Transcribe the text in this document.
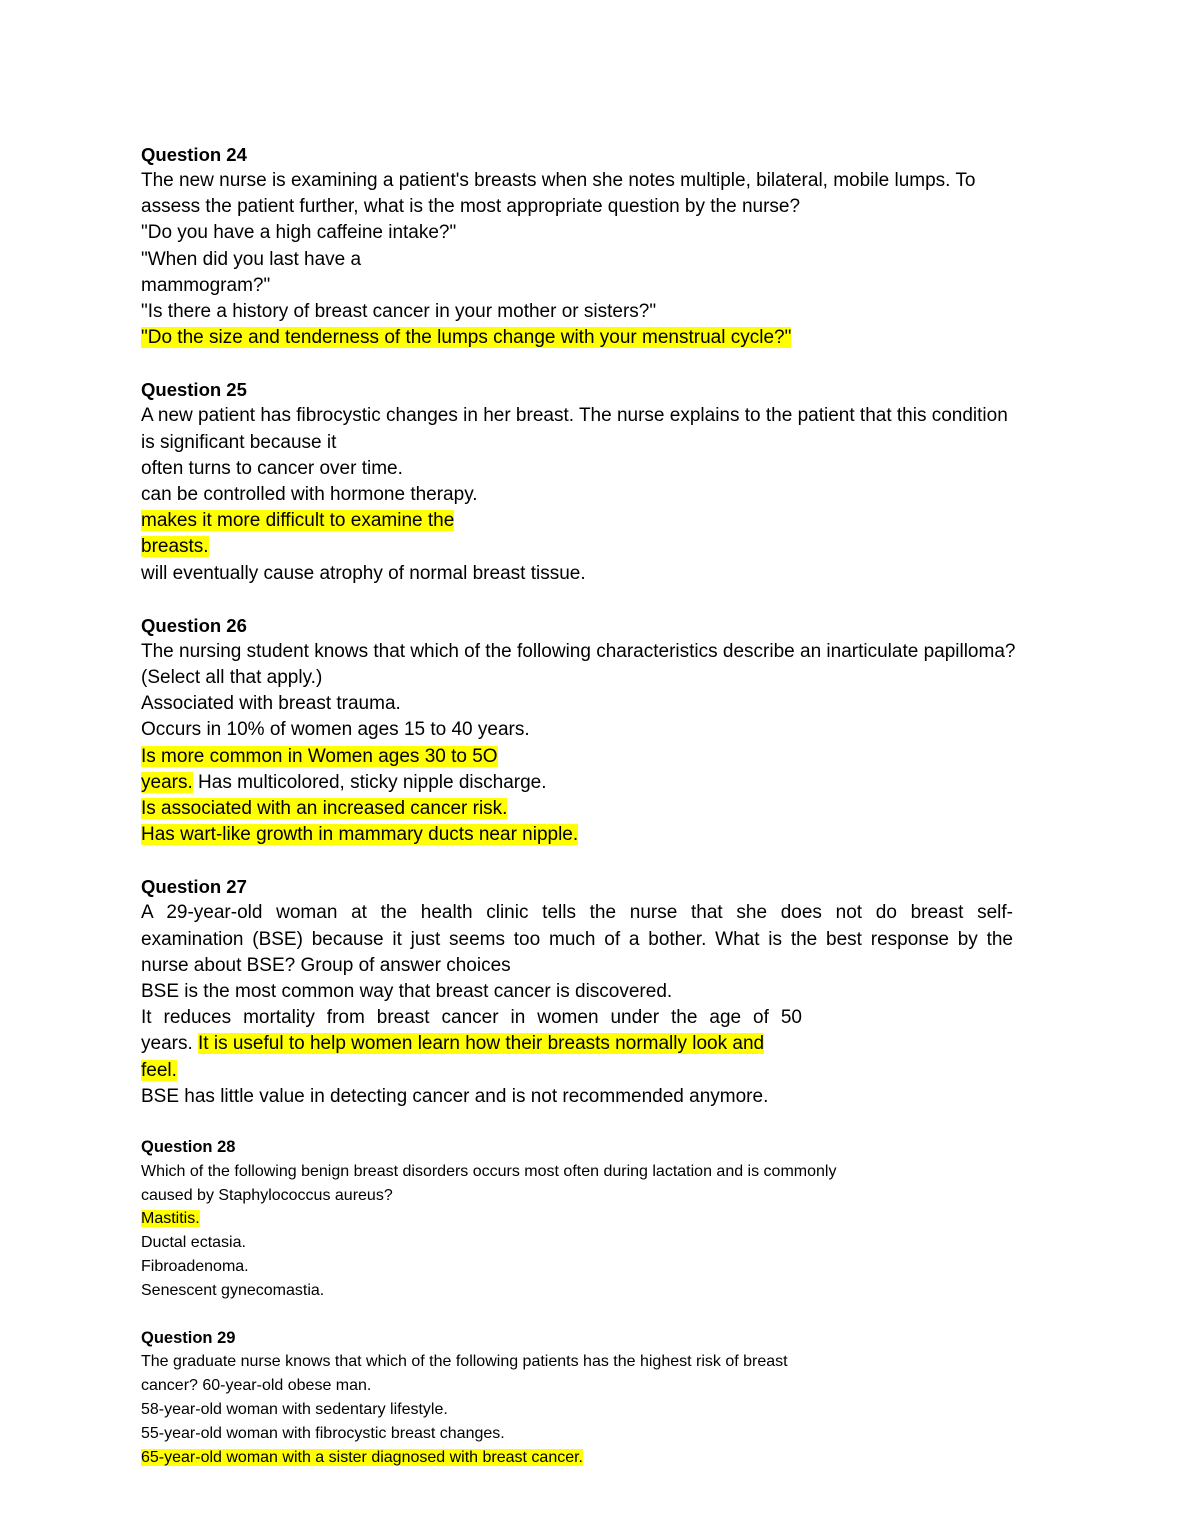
Question 24
The new nurse is examining a patient's breasts when she notes multiple, bilateral, mobile lumps. To
assess the patient further, what is the most appropriate question by the nurse?
"Do you have a high caffeine intake?"
"When did you last have a
mammogram?"
"Is there a history of breast cancer in your mother or sisters?"
"Do the size and tenderness of the lumps change with your menstrual cycle?"
Question 25
A new patient has fibrocystic changes in her breast. The nurse explains to the patient that this condition
is significant because it
often turns to cancer over time.
can be controlled with hormone therapy.
makes it more difficult to examine the
breasts.
will eventually cause atrophy of normal breast tissue.
Question 26
The nursing student knows that which of the following characteristics describe an inarticulate papilloma?
(Select all that apply.)
Associated with breast trauma.
Occurs in 10% of women ages 15 to 40 years.
Is more common in Women ages 30 to 5O
years. Has multicolored, sticky nipple discharge.
Is associated with an increased cancer risk.
Has wart-like growth in mammary ducts near nipple.
Question 27
A 29-year-old woman at the health clinic tells the nurse that she does not do breast self-
examination (BSE) because it just seems too much of a bother. What is the best response by the
nurse about BSE? Group of answer choices
BSE is the most common way that breast cancer is discovered.
It reduces mortality from breast cancer in women under the age of 50
years. It is useful to help women learn how their breasts normally look and
feel.
BSE has little value in detecting cancer and is not recommended anymore.
Question 28
Which of the following benign breast disorders occurs most often during lactation and is commonly
caused by Staphylococcus aureus?
Mastitis.
Ductal ectasia.
Fibroadenoma.
Senescent gynecomastia.
Question 29
The graduate nurse knows that which of the following patients has the highest risk of breast
cancer? 60-year-old obese man.
58-year-old woman with sedentary lifestyle.
55-year-old woman with fibrocystic breast changes.
65-year-old woman with a sister diagnosed with breast cancer.
